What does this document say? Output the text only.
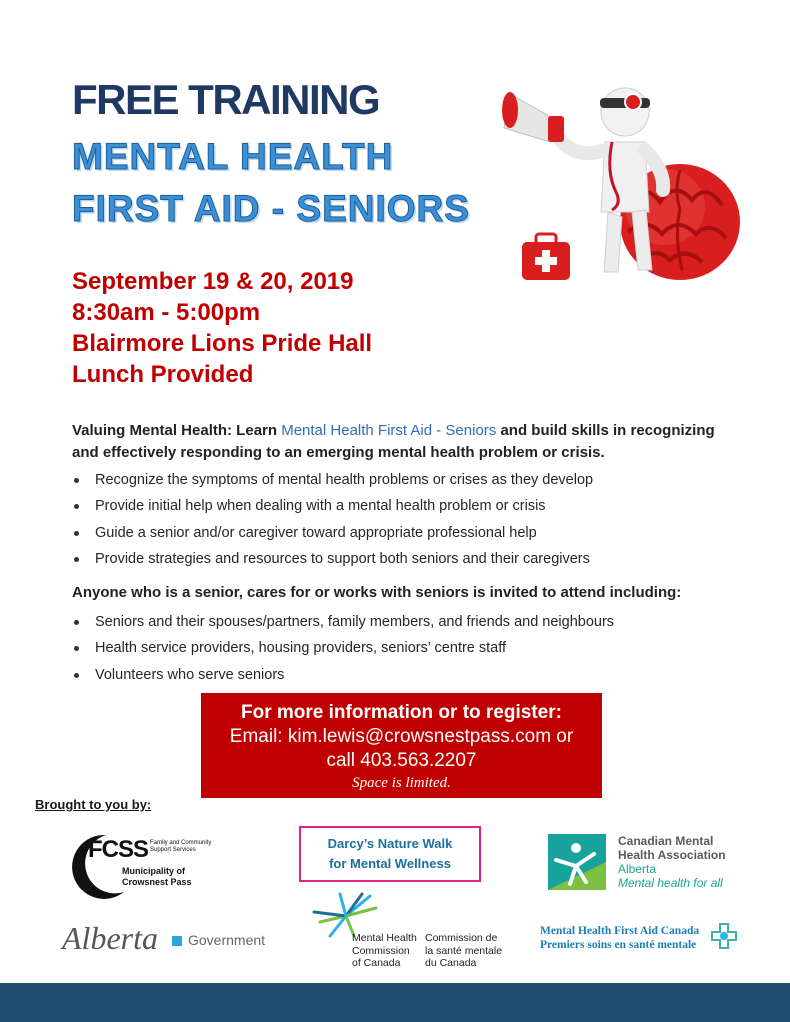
FREE TRAINING
MENTAL HEALTH
FIRST AID - SENIORS
September 19 & 20, 2019
8:30am - 5:00pm
Blairmore Lions Pride Hall
Lunch Provided
Valuing Mental Health: Learn Mental Health First Aid - Seniors and build skills in recognizing and effectively responding to an emerging mental health problem or crisis.
Recognize the symptoms of mental health problems or crises as they develop
Provide initial help when dealing with a mental health problem or crisis
Guide a senior and/or caregiver toward appropriate professional help
Provide strategies and resources to support both seniors and their caregivers
Anyone who is a senior, cares for or works with seniors is invited to attend including:
Seniors and their spouses/partners, family members, and friends and neighbours
Health service providers, housing providers, seniors’ centre staff
Volunteers who serve seniors
For more information or to register:
Email: kim.lewis@crowsnestpass.com or
call 403.563.2207
Space is limited.
Brought to you by:
FCSS Family and Community
Support Services
Municipality of
Crowsnest Pass
Darcy’s Nature Walk
for Mental Wellness
Canadian Mental
Health Association
Alberta
Mental health for all
Alberta Government	Mental Health
Commission
of Canada
Commission de
la santé mentale
du Canada
Mental Health First Aid Canada
Premiers soins en santé mentale
